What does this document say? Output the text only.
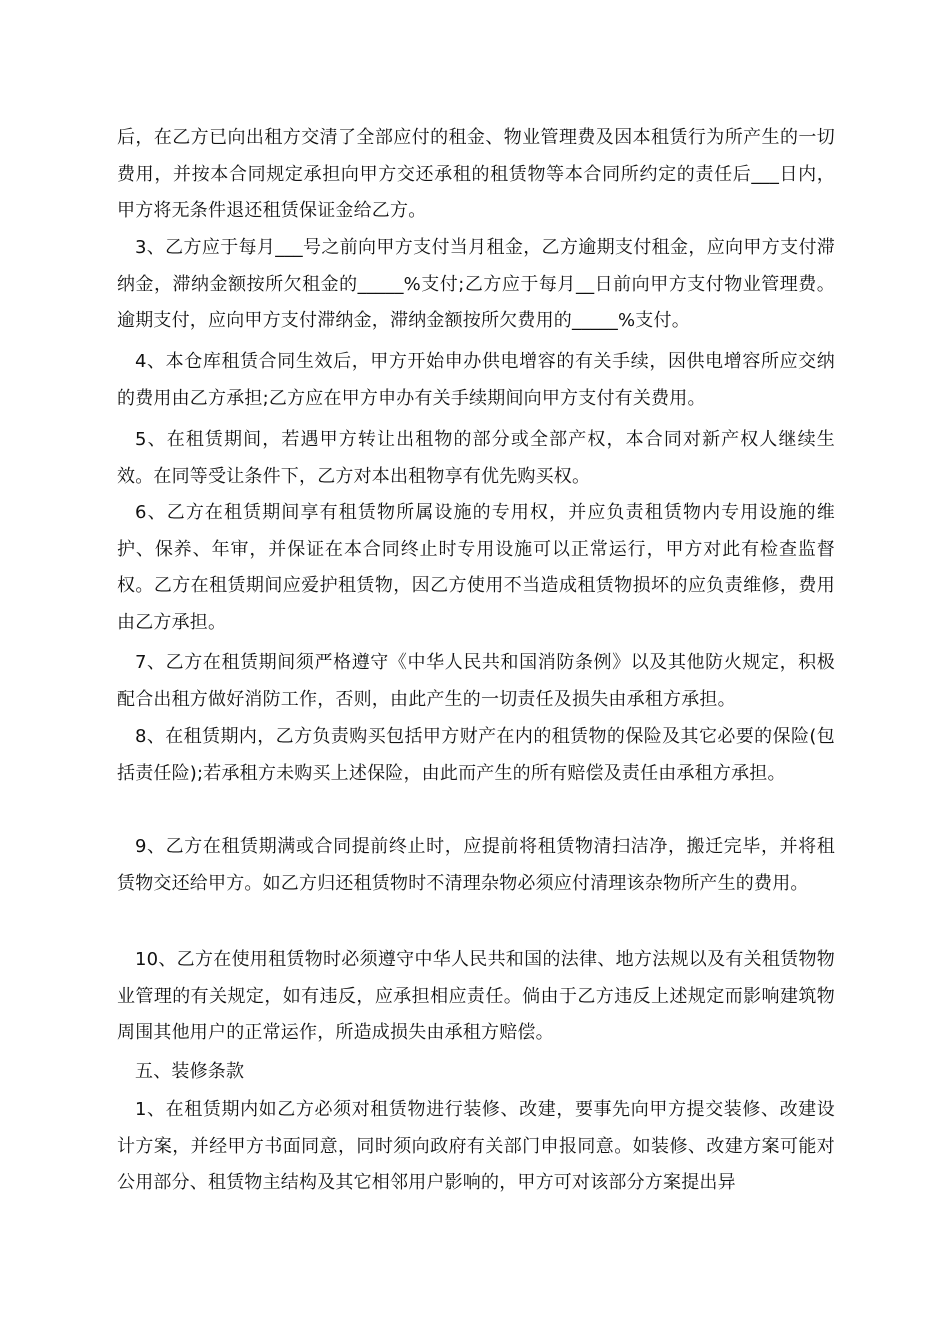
后，在乙方已向出租方交清了全部应付的租金、物业管理费及因本租赁行为所产生的一切费用，并按本合同规定承担向甲方交还承租的租赁物等本合同所约定的责任后___日内，甲方将无条件退还租赁保证金给乙方。

3、乙方应于每月___号之前向甲方支付当月租金，乙方逾期支付租金，应向甲方支付滞纳金，滞纳金额按所欠租金的_____%支付;乙方应于每月__日前向甲方支付物业管理费。逾期支付，应向甲方支付滞纳金，滞纳金额按所欠费用的_____%支付。

4、本仓库租赁合同生效后，甲方开始申办供电增容的有关手续，因供电增容所应交纳的费用由乙方承担;乙方应在甲方申办有关手续期间向甲方支付有关费用。

5、在租赁期间，若遇甲方转让出租物的部分或全部产权，本合同对新产权人继续生效。在同等受让条件下，乙方对本出租物享有优先购买权。

6、乙方在租赁期间享有租赁物所属设施的专用权，并应负责租赁物内专用设施的维护、保养、年审，并保证在本合同终止时专用设施可以正常运行，甲方对此有检查监督权。乙方在租赁期间应爱护租赁物，因乙方使用不当造成租赁物损坏的应负责维修，费用由乙方承担。

7、乙方在租赁期间须严格遵守《中华人民共和国消防条例》以及其他防火规定，积极配合出租方做好消防工作，否则，由此产生的一切责任及损失由承租方承担。

8、在租赁期内，乙方负责购买包括甲方财产在内的租赁物的保险及其它必要的保险(包括责任险);若承租方未购买上述保险，由此而产生的所有赔偿及责任由承租方承担。

9、乙方在租赁期满或合同提前终止时，应提前将租赁物清扫洁净，搬迁完毕，并将租赁物交还给甲方。如乙方归还租赁物时不清理杂物必须应付清理该杂物所产生的费用。

10、乙方在使用租赁物时必须遵守中华人民共和国的法律、地方法规以及有关租赁物物业管理的有关规定，如有违反，应承担相应责任。倘由于乙方违反上述规定而影响建筑物周围其他用户的正常运作，所造成损失由承租方赔偿。

五、装修条款

1、在租赁期内如乙方必须对租赁物进行装修、改建，要事先向甲方提交装修、改建设计方案，并经甲方书面同意，同时须向政府有关部门申报同意。如装修、改建方案可能对公用部分、租赁物主结构及其它相邻用户影响的，甲方可对该部分方案提出异
